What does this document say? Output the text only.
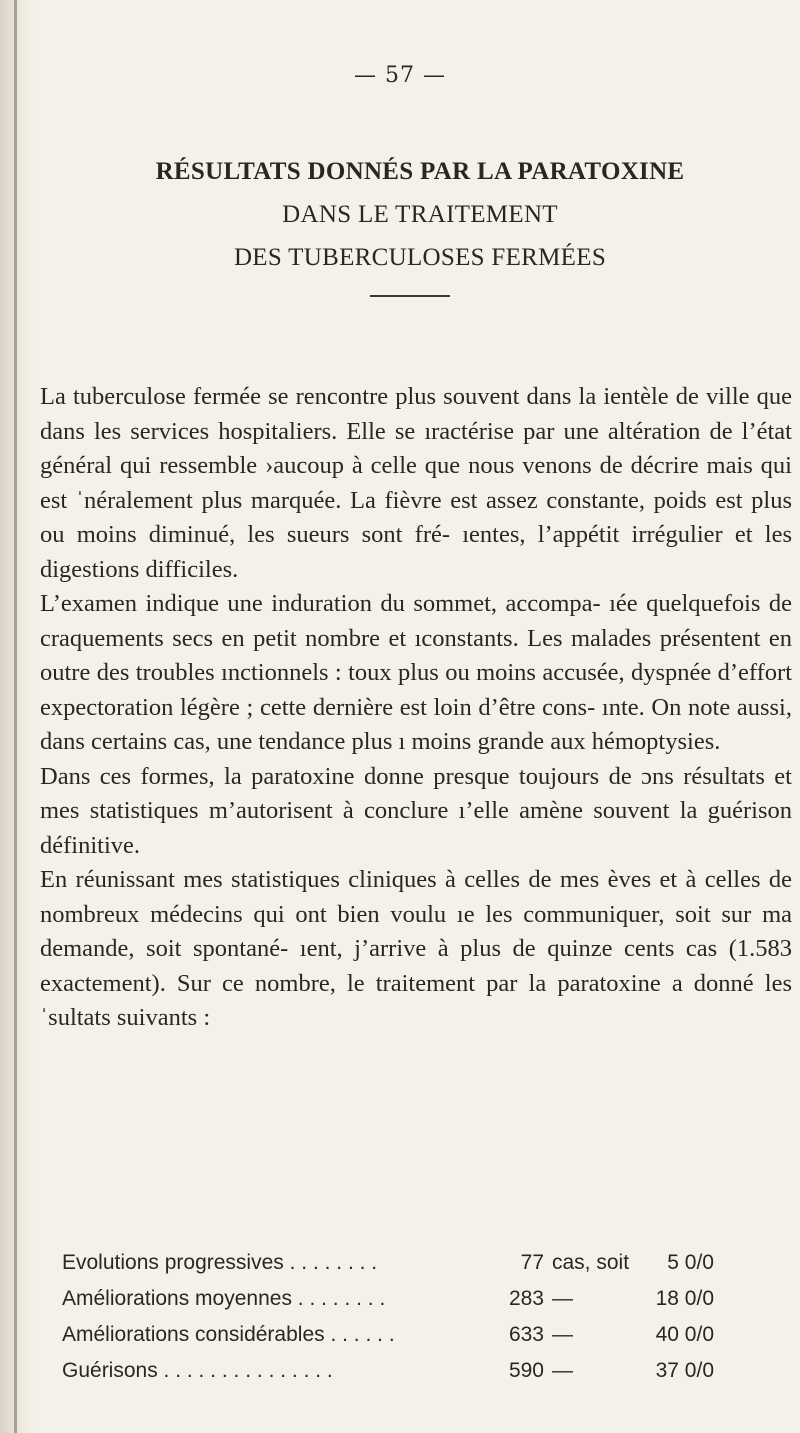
— 57 —
RÉSULTATS DONNÉS PAR LA PARATOXINE
DANS LE TRAITEMENT
DES TUBERCULOSES FERMÉES

La tuberculose fermée se rencontre plus souvent dans la ientèle de ville que dans les services hospitaliers. Elle se ıractérise par une altération de l’état général qui ressemble ›aucoup à celle que nous venons de décrire mais qui est ˈnéralement plus marquée. La fièvre est assez constante, poids est plus ou moins diminué, les sueurs sont fré- ıentes, l’appétit irrégulier et les digestions difficiles.

L’examen indique une induration du sommet, accompa- ıée quelquefois de craquements secs en petit nombre et ıconstants. Les malades présentent en outre des troubles ınctionnels : toux plus ou moins accusée, dyspnée d’effort expectoration légère ; cette dernière est loin d’être cons- ınte. On note aussi, dans certains cas, une tendance plus ı moins grande aux hémoptysies.

Dans ces formes, la paratoxine donne presque toujours de ɔns résultats et mes statistiques m’autorisent à conclure ı’elle amène souvent la guérison définitive.

En réunissant mes statistiques cliniques à celles de mes èves et à celles de nombreux médecins qui ont bien voulu ıe les communiquer, soit sur ma demande, soit spontané- ıent, j’arrive à plus de quinze cents cas (1.583 exactement). Sur ce nombre, le traitement par la paratoxine a donné les ˈsultats suivants :

Evolutions progressives . . . . . . . .	77 cas, soit	5 0/0
Améliorations moyennes . . . . . . . .	283 —	18 0/0
Améliorations considérables . . . . . .	633 —	40 0/0
Guérisons . . . . . . . . . . . . . . .	590 —	37 0/0
